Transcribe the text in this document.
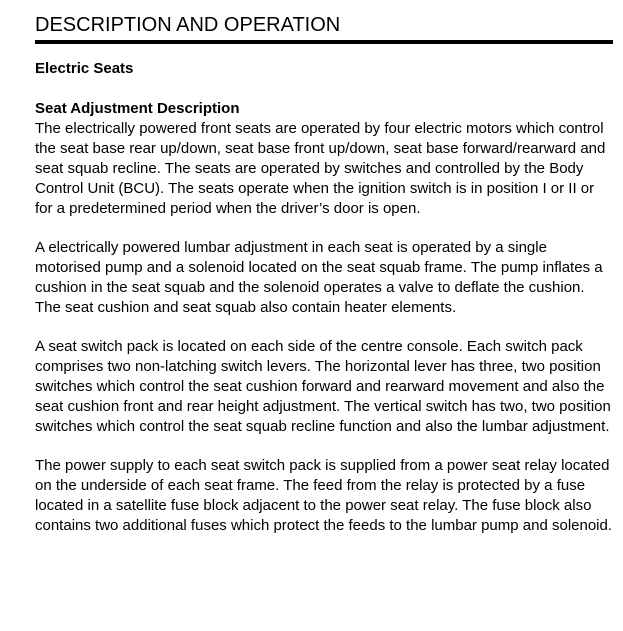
DESCRIPTION AND OPERATION
Electric Seats
Seat Adjustment Description

The electrically powered front seats are operated by four electric motors which control the seat base rear up/down, seat base front up/down, seat base forward/rearward and seat squab recline. The seats are operated by switches and controlled by the Body Control Unit (BCU). The seats operate when the ignition switch is in position I or II or for a predetermined period when the driver’s door is open.

A electrically powered lumbar adjustment in each seat is operated by a single motorised pump and a solenoid located on the seat squab frame. The pump inflates a cushion in the seat squab and the solenoid operates a valve to deflate the cushion. The seat cushion and seat squab also contain heater elements.

A seat switch pack is located on each side of the centre console. Each switch pack comprises two non-latching switch levers. The horizontal lever has three, two position switches which control the seat cushion forward and rearward movement and also the seat cushion front and rear height adjustment. The vertical switch has two, two position switches which control the seat squab recline function and also the lumbar adjustment.

The power supply to each seat switch pack is supplied from a power seat relay located on the underside of each seat frame. The feed from the relay is protected by a fuse located in a satellite fuse block adjacent to the power seat relay. The fuse block also contains two additional fuses which protect the feeds to the lumbar pump and solenoid.
